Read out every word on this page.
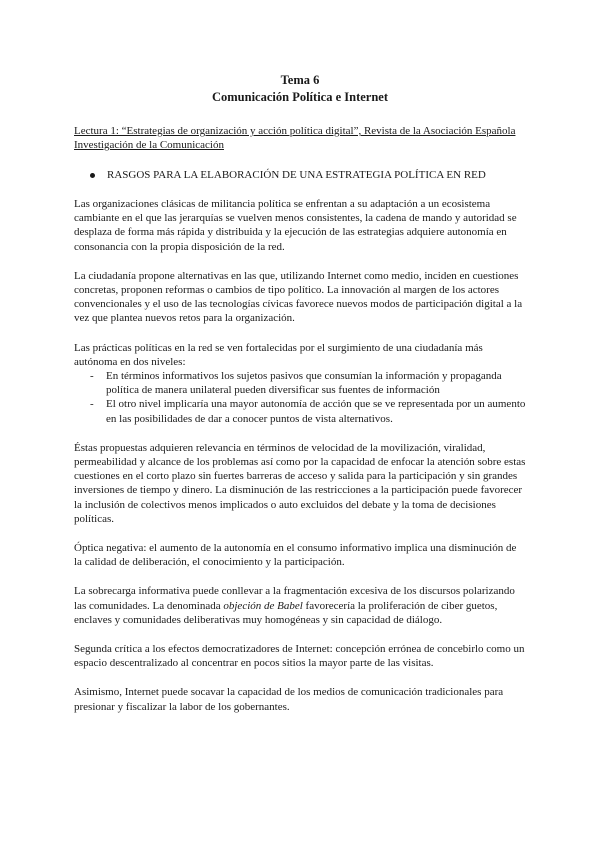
Tema 6
Comunicación Política e Internet
Lectura 1: “Estrategias de organización y acción política digital”, Revista de la Asociación Española Investigación de la Comunicación
RASGOS PARA LA ELABORACIÓN DE UNA ESTRATEGIA POLÍTICA EN RED

Las organizaciones clásicas de militancia política se enfrentan a su adaptación a un ecosistema cambiante en el que las jerarquías se vuelven menos consistentes, la cadena de mando y autoridad se desplaza de forma más rápida y distribuida y la ejecución de las estrategias adquiere autonomía en consonancia con la propia disposición de la red.

La ciudadanía propone alternativas en las que, utilizando Internet como medio, inciden en cuestiones concretas, proponen reformas o cambios de tipo político. La innovación al margen de los actores convencionales y el uso de las tecnologías cívicas favorece nuevos modos de participación digital a la vez que plantea nuevos retos para la organización.

Las prácticas políticas en la red se ven fortalecidas por el surgimiento de una ciudadanía más autónoma en dos niveles:

- En términos informativos los sujetos pasivos que consumían la información y propaganda política de manera unilateral pueden diversificar sus fuentes de información
- El otro nivel implicaría una mayor autonomía de acción que se ve representada por un aumento en las posibilidades de dar a conocer puntos de vista alternativos.

Éstas propuestas adquieren relevancia en términos de velocidad de la movilización, viralidad, permeabilidad y alcance de los problemas así como por la capacidad de enfocar la atención sobre estas cuestiones en el corto plazo sin fuertes barreras de acceso y salida para la participación y sin grandes inversiones de tiempo y dinero. La disminución de las restricciones a la participación puede favorecer la inclusión de colectivos menos implicados o auto excluidos del debate y la toma de decisiones políticas.

Óptica negativa: el aumento de la autonomía en el consumo informativo implica una disminución de la calidad de deliberación, el conocimiento y la participación.

La sobrecarga informativa puede conllevar a la fragmentación excesiva de los discursos polarizando las comunidades. La denominada objeción de Babel favorecería la proliferación de ciber guetos, enclaves y comunidades deliberativas muy homogéneas y sin capacidad de diálogo.

Segunda crítica a los efectos democratizadores de Internet: concepción errónea de concebirlo como un espacio descentralizado al concentrar en pocos sitios la mayor parte de las visitas.

Asimismo, Internet puede socavar la capacidad de los medios de comunicación tradicionales para presionar y fiscalizar la labor de los gobernantes.
